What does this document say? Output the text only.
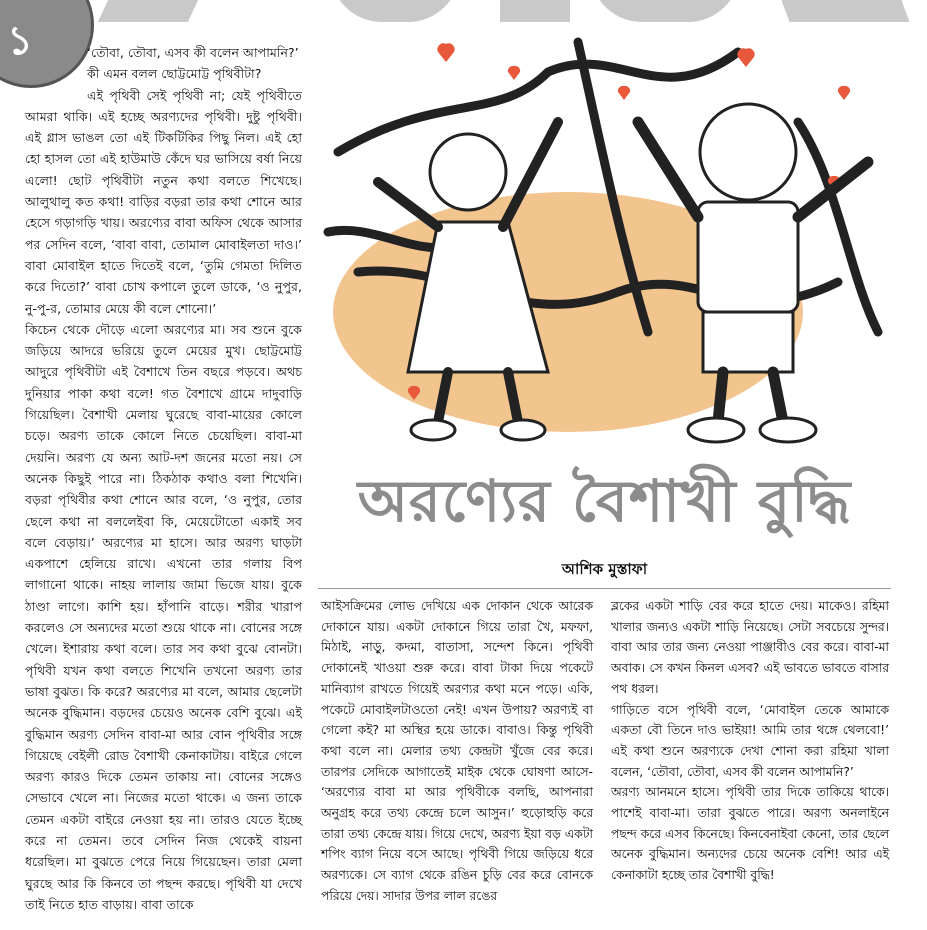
১	‘তৌবা, তৌবা, এসব কী বলেন আপামনি?’

কী এমন বলল ছোট্টমোট্ট পৃথিবীটা?

এই পৃথিবী সেই পৃথিবী না; যেই পৃথিবীতে আমরা থাকি। এই হচ্ছে অরণ্যদের পৃথিবী। দুষ্টু পৃথিবী। এই গ্লাস ভাঙল তো এই টিকটিকির পিছু নিল। এই হো হো হাসল তো এই হাউমাউ কেঁদে ঘর ভাসিয়ে বর্ষা নিয়ে এলো! ছোট পৃথিবীটা নতুন কথা বলতে শিখেছে। আলুথালু কত কথা! বাড়ির বড়রা তার কথা শোনে আর হেসে গড়াগড়ি খায়। অরণ্যের বাবা অফিস থেকে আসার পর সেদিন বলে, ‘বাবা বাবা, তোমাল মোবাইলতা দাও।’ বাবা মোবাইল হাতে দিতেই বলে, ‘তুমি গেমতা দিলিত করে দিতো?’ বাবা চোখ কপালে তুলে ডাকে, ‘ও নুপুর, নু-পু-র, তোমার মেয়ে কী বলে শোনো।’

কিচেন থেকে দৌড়ে এলো অরণ্যের মা। সব শুনে বুকে জড়িয়ে আদরে ভরিয়ে তুলে মেয়ের মুখ। ছোট্টমোট্ট আদুরে পৃথিবীটা এই বৈশাখে তিন বছরে পড়বে। অথচ দুনিয়ার পাকা কথা বলে! গত বৈশাখে গ্রামে দাদুবাড়ি গিয়েছিল। বৈশাখী মেলায় ঘুরেছে বাবা-মায়ের কোলে চড়ে। অরণ্য তাকে কোলে নিতে চেয়েছিল। বাবা-মা দেয়নি। অরণ্য যে অন্য আট-দশ জনের মতো নয়। সে অনেক কিছুই পারে না। ঠিকঠাক কথাও বলা শিখেনি। বড়রা পৃথিবীর কথা শোনে আর বলে, ‘ও নুপুর, তোর ছেলে কথা না বললেইবা কি, মেয়েটোতো একাই সব বলে বেড়ায়।’ অরণ্যের মা হাসে। আর অরণ্য ঘাড়টা একপাশে হেলিয়ে রাখে। এখনো তার গলায় বিপ লাগানো থাকে। নাহয় লালায় জামা ভিজে যায়। বুকে ঠাণ্ডা লাগে। কাশি হয়। হাঁপানি বাড়ে। শরীর খারাপ করলেও সে অন্যদের মতো শুয়ে থাকে না। বোনের সঙ্গে খেলে। ইশারায় কথা বলে। তার সব কথা বুঝে বোনটা। পৃথিবী যখন কথা বলতে শিখেনি তখনো অরণ্য তার ভাষা বুঝত। কি করে? অরণ্যের মা বলে, আমার ছেলেটা অনেক বুদ্ধিমান। বড়দের চেয়েও অনেক বেশি বুঝে। এই বুদ্ধিমান অরণ্য সেদিন বাবা-মা আর বোন পৃথিবীর সঙ্গে গিয়েছে বেইলী রোড বৈশাখী কেনাকাটায়। বাইরে গেলে অরণ্য কারও দিকে তেমন তাকায় না। বোনের সঙ্গেও সেভাবে খেলে না। নিজের মতো থাকে। এ জন্য তাকে তেমন একটা বাইরে নেওয়া হয় না। তারও যেতে ইচ্ছে করে না তেমন। তবে সেদিন নিজ থেকেই বায়না ধরেছিল। মা বুঝতে পেরে নিয়ে গিয়েছেন। তারা মেলা ঘুরছে আর কি কিনবে তা পছন্দ করছে। পৃথিবী যা দেখে তাই নিতে হাত বাড়ায়। বাবা তাকে

অরণ্যের বৈশাখী বুদ্ধি
আশিক মুস্তাফা

আইসক্রিমের লোভ দেখিয়ে এক দোকান থেকে আরেক দোকানে যায়। একটা দোকানে গিয়ে তারা খৈ, মফফা, মিঠাই, নাড়ু, কদমা, বাতাসা, সন্দেশ কিনে। পৃথিবী দোকানেই খাওয়া শুরু করে। বাবা টাকা দিয়ে পকেটে মানিব্যাগ রাখতে গিয়েই অরণ্যর কথা মনে পড়ে। একি, পকেটে মোবাইলটাওতো নেই! এখন উপায়? অরণ্যই বা গেলো কই? মা অস্থির হয়ে ডাকে। বাবাও। কিন্তু পৃথিবী কথা বলে না। মেলার তথ্য কেন্দ্রটা খুঁজে বের করে। তারপর সেদিকে আগাতেই মাইক থেকে ঘোষণা আসে- ‘অরণ্যের বাবা মা আর পৃথিবীকে বলছি, আপনারা অনুগ্রহ করে তথ্য কেন্দ্রে চলে আসুন।’ হুড়োহুড়ি করে তারা তথ্য কেন্দ্রে যায়। গিয়ে দেখে, অরণ্য ইয়া বড় একটা শপিং ব্যাগ নিয়ে বসে আছে। পৃথিবী গিয়ে জড়িয়ে ধরে অরণ্যকে। সে ব্যাগ থেকে রঙিন চুড়ি বের করে বোনকে পরিয়ে দেয়। সাদার উপর লাল রঙের

ব্লকের একটা শাড়ি বের করে হাতে দেয়। মাকেও। রহিমা খালার জন্যও একটা শাড়ি নিয়েছে। সেটা সবচেয়ে সুন্দর। বাবা আর তার জন্য নেওয়া পাঞ্জাবীও বের করে। বাবা-মা অবাক। সে কখন কিনল এসব? এই ভাবতে ভাবতে বাসার পথ ধরল।

গাড়িতে বসে পৃথিবী বলে, ‘মোবাইল তেকে আমাকে একতা বৌ তিনে দাও ভাইয়া! আমি তার থঙ্গে থেলবো!’ এই কথা শুনে অরণ্যকে দেখা শোনা করা রহিমা খালা বলেন, ‘তৌবা, তৌবা, এসব কী বলেন আপামনি?’

অরণ্য আনমনে হাসে। পৃথিবী তার দিকে তাকিয়ে থাকে। পাশেই বাবা-মা। তারা বুঝতে পারে। অরণ্য অনলাইনে পছন্দ করে এসব কিনেছে। কিনবেনাইবা কেনো, তার ছেলে অনেক বুদ্ধিমান। অন্যদের চেয়ে অনেক বেশি! আর এই কেনাকাটা হচ্ছে তার বৈশাখী বুদ্ধি!
